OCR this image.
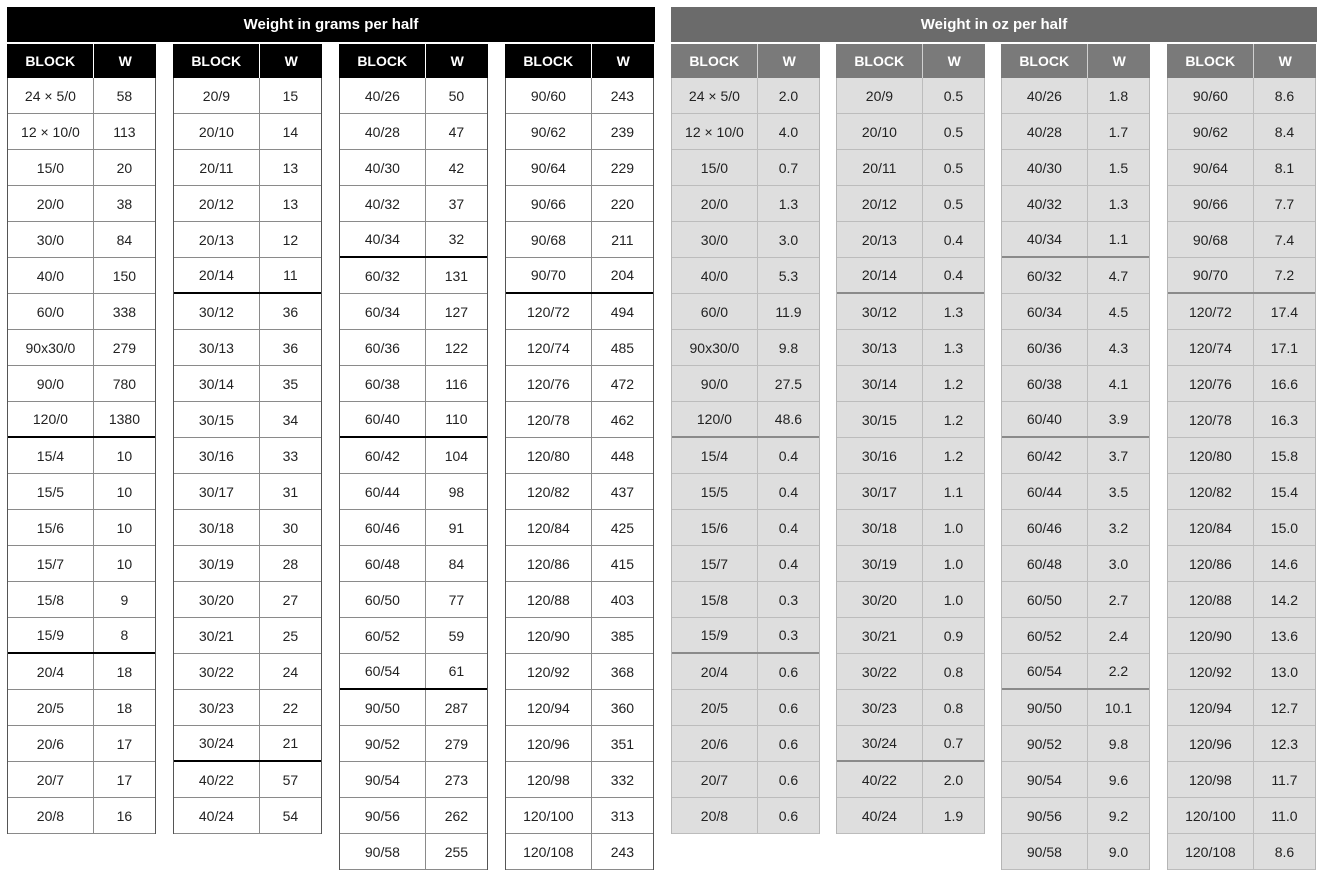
Weight in grams per half	Weight in oz per half
BLOCK	W
24 × 5/0	58
12 × 10/0	113
15/0	20
20/0	38
30/0	84
40/0	150
60/0	338
90x30/0	279
90/0	780
120/0	1380
15/4	10
15/5	10
15/6	10
15/7	10
15/8	9
15/9	8
20/4	18
20/5	18
20/6	17
20/7	17
20/8	16
BLOCK	W
20/9	15
20/10	14
20/11	13
20/12	13
20/13	12
20/14	11
30/12	36
30/13	36
30/14	35
30/15	34
30/16	33
30/17	31
30/18	30
30/19	28
30/20	27
30/21	25
30/22	24
30/23	22
30/24	21
40/22	57
40/24	54
BLOCK	W
40/26	50
40/28	47
40/30	42
40/32	37
40/34	32
60/32	131
60/34	127
60/36	122
60/38	116
60/40	110
60/42	104
60/44	98
60/46	91
60/48	84
60/50	77
60/52	59
60/54	61
90/50	287
90/52	279
90/54	273
90/56	262
90/58	255
BLOCK	W
90/60	243
90/62	239
90/64	229
90/66	220
90/68	211
90/70	204
120/72	494
120/74	485
120/76	472
120/78	462
120/80	448
120/82	437
120/84	425
120/86	415
120/88	403
120/90	385
120/92	368
120/94	360
120/96	351
120/98	332
120/100	313
120/108	243
BLOCK	W
24 × 5/0	2.0
12 × 10/0	4.0
15/0	0.7
20/0	1.3
30/0	3.0
40/0	5.3
60/0	11.9
90x30/0	9.8
90/0	27.5
120/0	48.6
15/4	0.4
15/5	0.4
15/6	0.4
15/7	0.4
15/8	0.3
15/9	0.3
20/4	0.6
20/5	0.6
20/6	0.6
20/7	0.6
20/8	0.6
BLOCK	W
20/9	0.5
20/10	0.5
20/11	0.5
20/12	0.5
20/13	0.4
20/14	0.4
30/12	1.3
30/13	1.3
30/14	1.2
30/15	1.2
30/16	1.2
30/17	1.1
30/18	1.0
30/19	1.0
30/20	1.0
30/21	0.9
30/22	0.8
30/23	0.8
30/24	0.7
40/22	2.0
40/24	1.9
BLOCK	W
40/26	1.8
40/28	1.7
40/30	1.5
40/32	1.3
40/34	1.1
60/32	4.7
60/34	4.5
60/36	4.3
60/38	4.1
60/40	3.9
60/42	3.7
60/44	3.5
60/46	3.2
60/48	3.0
60/50	2.7
60/52	2.4
60/54	2.2
90/50	10.1
90/52	9.8
90/54	9.6
90/56	9.2
90/58	9.0
BLOCK	W
90/60	8.6
90/62	8.4
90/64	8.1
90/66	7.7
90/68	7.4
90/70	7.2
120/72	17.4
120/74	17.1
120/76	16.6
120/78	16.3
120/80	15.8
120/82	15.4
120/84	15.0
120/86	14.6
120/88	14.2
120/90	13.6
120/92	13.0
120/94	12.7
120/96	12.3
120/98	11.7
120/100	11.0
120/108	8.6
